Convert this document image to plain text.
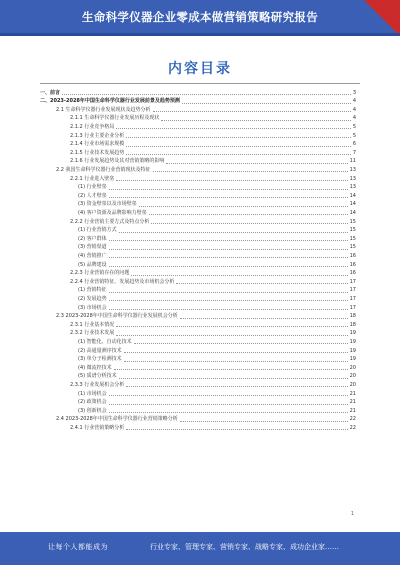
生命科学仪器企业零成本做营销策略研究报告
内容目录
一、前言	3
二、2023-2028年中国生命科学仪器行业发展前景及趋势预测	4
2.1 生命科学仪器行业发展现状及趋势分析	4
2.1.1 生命科学仪器行业发展历程及现状	4
2.1.2 行业竞争格局	5
2.1.3 行业主要企业分析	5
2.1.4 行业市场需求规模	6
2.1.5 行业技术发展趋势	7
2.1.6 行业发展趋势及其对营销策略的影响	11
2.2 我国生命科学仪器行业营销现状及特征	13
2.2.1 行业进入壁垒	13
(1) 行业壁垒	13
(2) 人才壁垒	14
(3) 资金壁垒以及市场壁垒	14
(4) 客户资源及品牌影响力壁垒	14
2.2.2 行业营销主要方式及特点分析	15
(1) 行业营销方式	15
(2) 客户群体	15
(3) 营销渠道	15
(4) 营销推广	16
(5) 品牌建设	16
2.2.3 行业营销存在的问题	16
2.2.4 行业营销特征、发展趋势及市场机会分析	17
(1) 营销特征	17
(2) 发展趋势	17
(3) 市场机会	17
2.3 2023-2028年中国生命科学仪器行业发展机会分析	18
2.3.1 行业基本情况	18
2.3.2 行业技术发展	19
(1) 智能化、自动化技术	19
(2) 高通量测序技术	19
(3) 单分子检测技术	19
(4) 微流控技术	20
(5) 质谱分析技术	20
2.3.3 行业发展机会分析	20
(1) 市场机会	21
(2) 政策机会	21
(3) 创新机会	21
2.4 2023-2028年中国生命科学仪器行业营销策略分析	22
2.4.1 行业营销策略分析	22
1
让每个人都能成为	行业专家、管理专家、营销专家、战略专家、成功企业家……
